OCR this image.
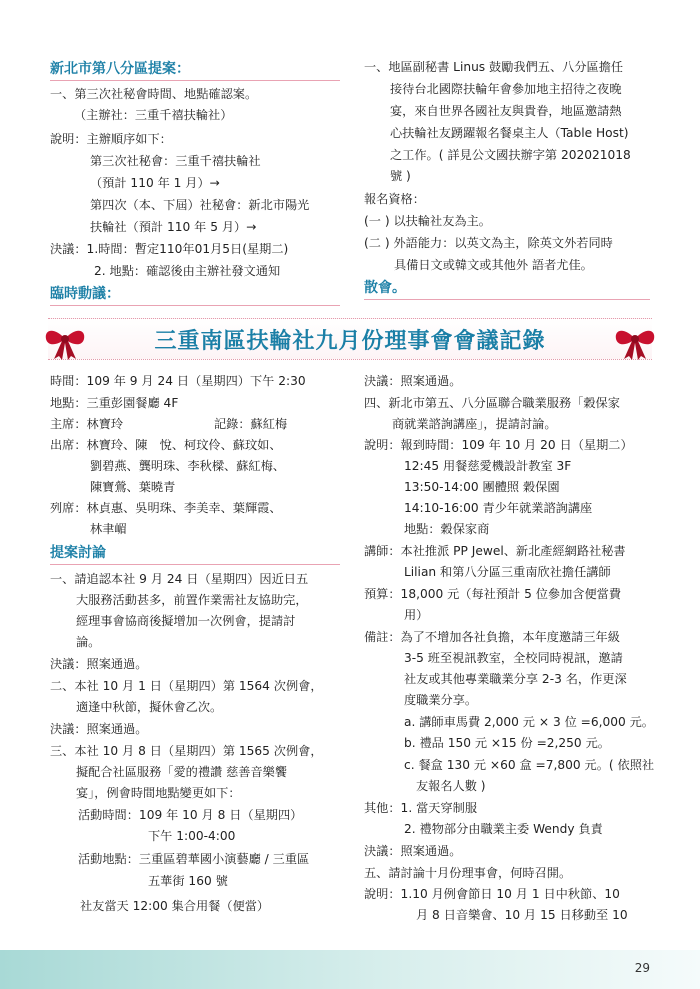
新北市第八分區提案：
一、第三次社秘會時間、地點確認案。
（主辦社：三重千禧扶輪社）
說明：主辦順序如下：
第三次社秘會：三重千禧扶輪社
（預計 110 年 1 月）→
第四次（本、下屆）社秘會：新北市陽光
扶輪社（預計 110 年 5 月）→
決議：1.時間：暫定110年01月5日(星期二)
2. 地點：確認後由主辦社發文通知
臨時動議：
一、地區副秘書 Linus 鼓勵我們五、八分區擔任
接待台北國際扶輪年會參加地主招待之夜晚
宴，來自世界各國社友與貴眷，地區邀請熱
心扶輪社友踴躍報名餐桌主人（Table Host)
之工作。( 詳見公文國扶辦字第 202021018
號 )
報名資格：
(一 ) 以扶輪社友為主。
(二 ) 外語能力：以英文為主，除英文外若同時
具備日文或韓文或其他外 語者尤佳。
散會。
三重南區扶輪社九月份理事會會議記錄
時間：109 年 9 月 24 日（星期四）下午 2:30
地點：三重彭園餐廳 4F
主席：林寶玲	記錄：蘇紅梅
出席：林寶玲、陳　悅、柯玟伶、蘇玟如、
劉碧燕、龔明珠、李秋樑、蘇紅梅、
陳寶鶯、葉曉青
列席：林貞惠、吳明珠、李美幸、葉輝霞、
林聿嵋
提案討論
一、請追認本社 9 月 24 日（星期四）因近日五
大服務活動甚多，前置作業需社友協助完，
經理事會協商後擬增加一次例會，提請討
論。
決議：照案通過。
二、本社 10 月 1 日（星期四）第 1564 次例會，
適逢中秋節，擬休會乙次。
決議：照案通過。
三、本社 10 月 8 日（星期四）第 1565 次例會，
擬配合社區服務「愛的禮讚 慈善音樂饗
宴」，例會時間地點變更如下：
活動時間：109 年 10 月 8 日（星期四）
下午 1:00-4:00
活動地點：三重區碧華國小演藝廳 / 三重區
五華街 160 號
社友當天 12:00 集合用餐（便當）
決議：照案通過。
四、新北市第五、八分區聯合職業服務「穀保家
商就業諮詢講座」，提請討論。
說明：報到時間：109 年 10 月 20 日（星期二）
12:45 用餐慈愛機設計教室 3F
13:50-14:00 團體照 穀保園
14:10-16:00 青少年就業諮詢講座
地點：穀保家商
講師：本社推派 PP Jewel、新北產經網路社秘書
Lilian 和第八分區三重南欣社擔任講師
預算：18,000 元（每社預計 5 位參加含便當費
用）
備註：為了不增加各社負擔，本年度邀請三年級
3-5 班至視訊教室，全校同時視訊，邀請
社友或其他專業職業分享 2-3 名，作更深
度職業分享。
a. 講師車馬費 2,000 元 × 3 位 =6,000 元。
b. 禮品 150 元 ×15 份 =2,250 元。
c. 餐盒 130 元 ×60 盒 =7,800 元。( 依照社
友報名人數 )
其他：1. 當天穿制服
2. 禮物部分由職業主委 Wendy 負責
決議：照案通過。
五、請討論十月份理事會，何時召開。
說明：1.10 月例會節日 10 月 1 日中秋節、10
月 8 日音樂會、10 月 15 日移動至 10
29
